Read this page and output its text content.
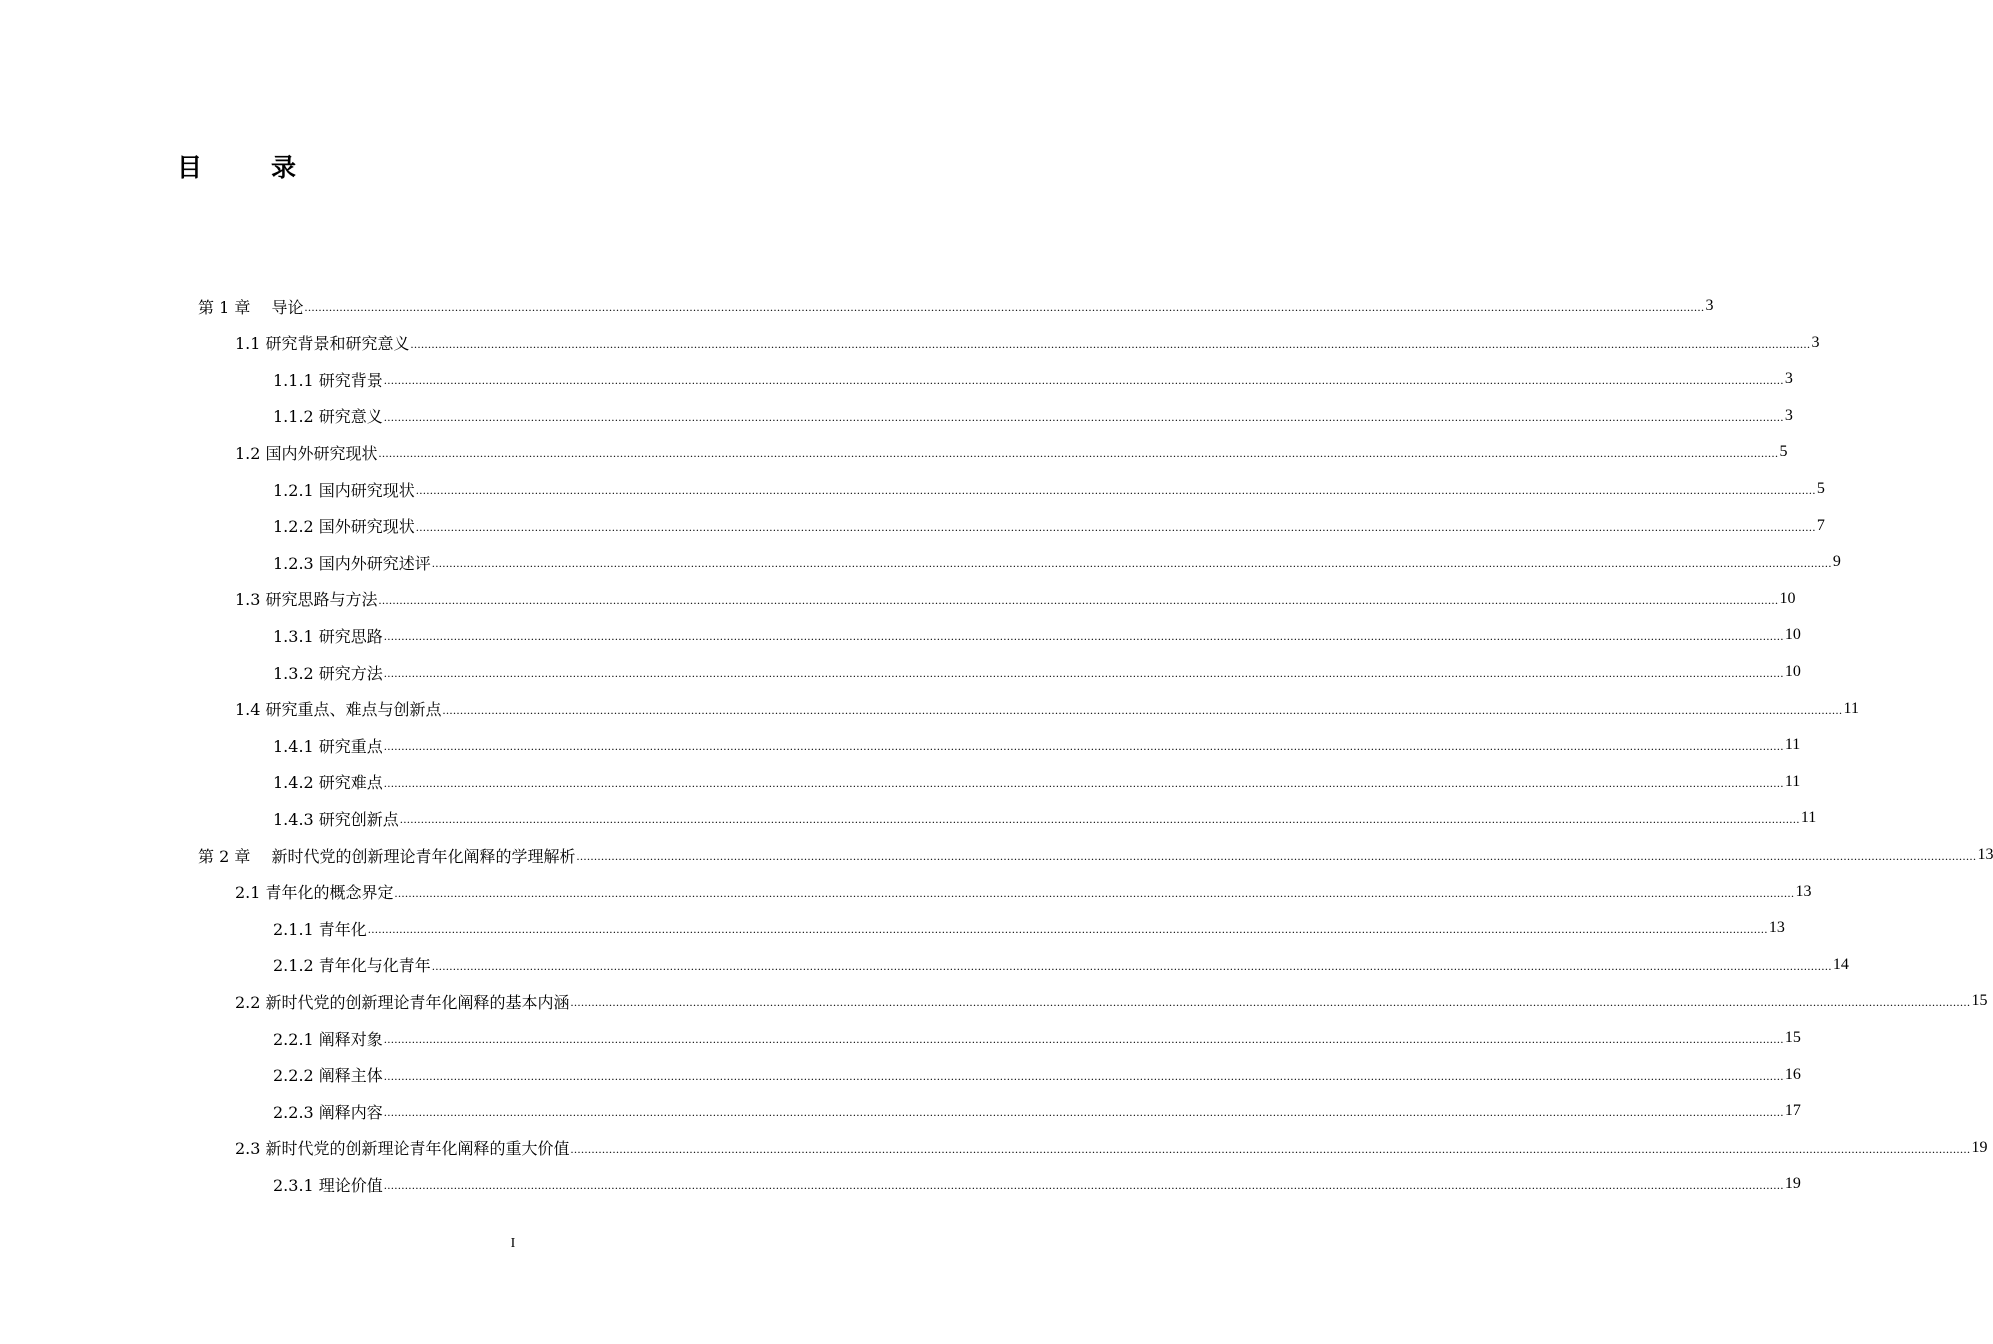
目　录
第 1 章　 导论 ................................................................................................................................................................................................................................................................................................................................................................................................................ 3
1.1 研究背景和研究意义 ................................................................................................................................................................................................................................................................................................................................................................................................................ 3
1.1.1 研究背景 ................................................................................................................................................................................................................................................................................................................................................................................................................ 3
1.1.2 研究意义 ................................................................................................................................................................................................................................................................................................................................................................................................................ 3
1.2 国内外研究现状 ................................................................................................................................................................................................................................................................................................................................................................................................................ 5
1.2.1 国内研究现状 ................................................................................................................................................................................................................................................................................................................................................................................................................ 5
1.2.2 国外研究现状 ................................................................................................................................................................................................................................................................................................................................................................................................................ 7
1.2.3 国内外研究述评 ................................................................................................................................................................................................................................................................................................................................................................................................................ 9
1.3 研究思路与方法 ................................................................................................................................................................................................................................................................................................................................................................................................................ 10
1.3.1 研究思路 ................................................................................................................................................................................................................................................................................................................................................................................................................ 10
1.3.2 研究方法 ................................................................................................................................................................................................................................................................................................................................................................................................................ 10
1.4 研究重点、难点与创新点 ................................................................................................................................................................................................................................................................................................................................................................................................................ 11
1.4.1 研究重点 ................................................................................................................................................................................................................................................................................................................................................................................................................ 11
1.4.2 研究难点 ................................................................................................................................................................................................................................................................................................................................................................................................................ 11
1.4.3 研究创新点 ................................................................................................................................................................................................................................................................................................................................................................................................................ 11
第 2 章　 新时代党的创新理论青年化阐释的学理解析 ................................................................................................................................................................................................................................................................................................................................................................................................................ 13
2.1 青年化的概念界定 ................................................................................................................................................................................................................................................................................................................................................................................................................ 13
2.1.1 青年化 ................................................................................................................................................................................................................................................................................................................................................................................................................ 13
2.1.2 青年化与化青年 ................................................................................................................................................................................................................................................................................................................................................................................................................ 14
2.2 新时代党的创新理论青年化阐释的基本内涵 ................................................................................................................................................................................................................................................................................................................................................................................................................ 15
2.2.1 阐释对象 ................................................................................................................................................................................................................................................................................................................................................................................................................ 15
2.2.2 阐释主体 ................................................................................................................................................................................................................................................................................................................................................................................................................ 16
2.2.3 阐释内容 ................................................................................................................................................................................................................................................................................................................................................................................................................ 17
2.3 新时代党的创新理论青年化阐释的重大价值 ................................................................................................................................................................................................................................................................................................................................................................................................................ 19
2.3.1 理论价值 ................................................................................................................................................................................................................................................................................................................................................................................................................ 19
I
